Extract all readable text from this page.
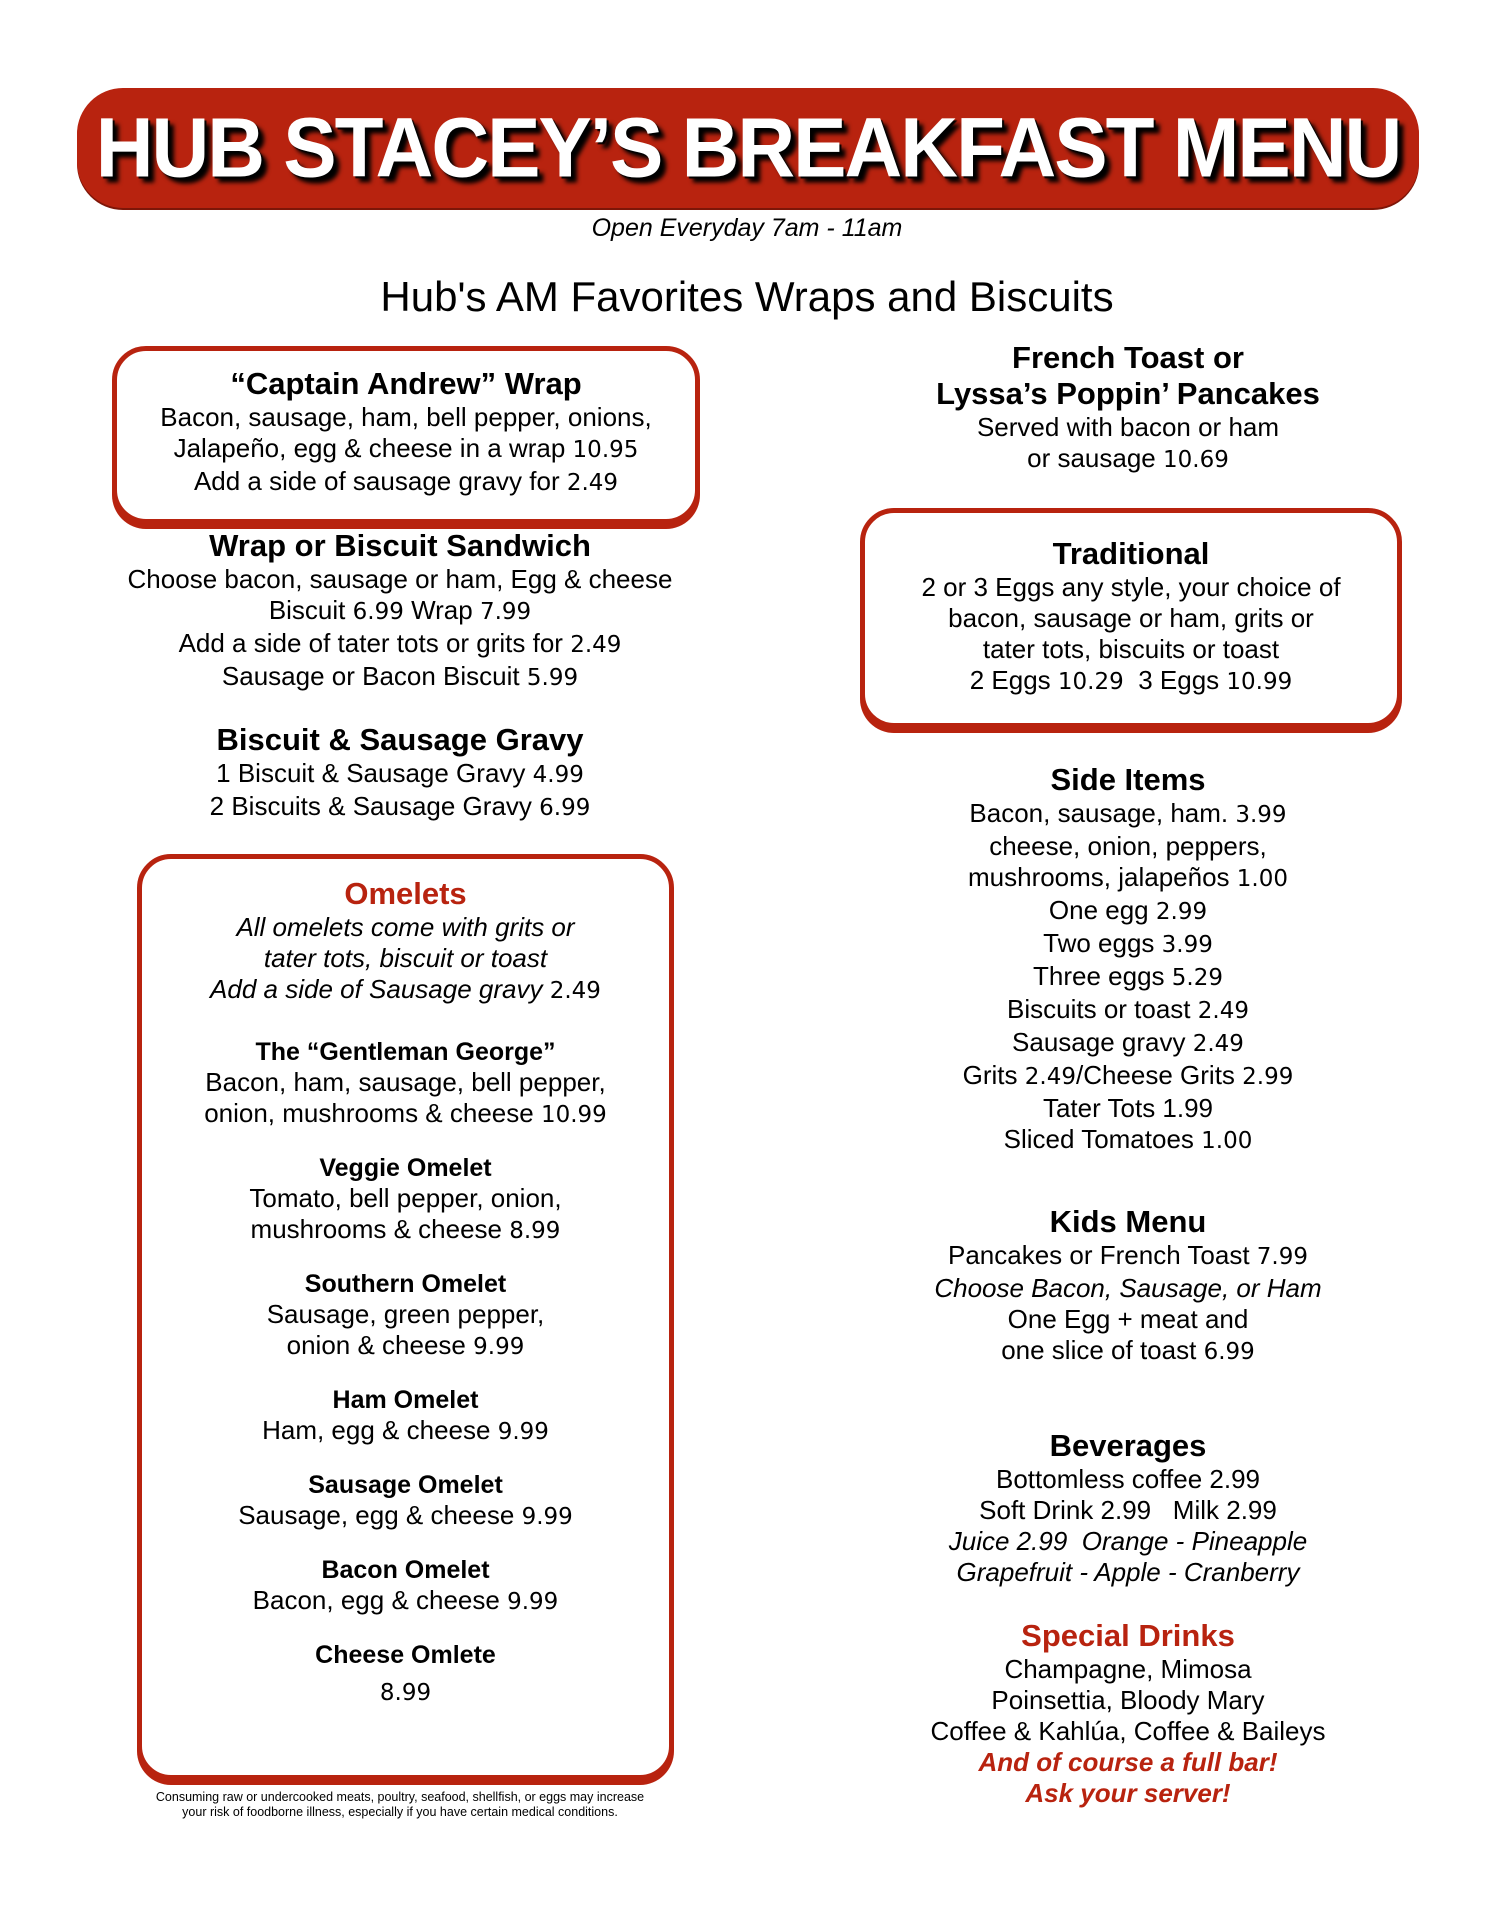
HUB STACEY’S BREAKFAST MENU
Open Everyday 7am - 11am
Hub's AM Favorites Wraps and Biscuits
“Captain Andrew” Wrap
Bacon, sausage, ham, bell pepper, onions,
Jalapeño, egg & cheese in a wrap 10.95
Add a side of sausage gravy for 2.49
Wrap or Biscuit Sandwich
Choose bacon, sausage or ham, Egg & cheese
Biscuit 6.99 Wrap 7.99
Add a side of tater tots or grits for 2.49
Sausage or Bacon Biscuit 5.99
Biscuit & Sausage Gravy
1 Biscuit & Sausage Gravy 4.99
2 Biscuits & Sausage Gravy 6.99
Omelets
All omelets come with grits or
tater tots, biscuit or toast
Add a side of Sausage gravy 2.49
The “Gentleman George”
Bacon, ham, sausage, bell pepper,
onion, mushrooms & cheese 10.99
Veggie Omelet
Tomato, bell pepper, onion,
mushrooms & cheese 8.99
Southern Omelet
Sausage, green pepper,
onion & cheese 9.99
Ham Omelet
Ham, egg & cheese 9.99
Sausage Omelet
Sausage, egg & cheese 9.99
Bacon Omelet
Bacon, egg & cheese 9.99
Cheese Omlete
8.99
Consuming raw or undercooked meats, poultry, seafood, shellfish, or eggs may increase
your risk of foodborne illness, especially if you have certain medical conditions.
French Toast or
Lyssa’s Poppin’ Pancakes
Served with bacon or ham
or sausage 10.69
Traditional
2 or 3 Eggs any style, your choice of
bacon, sausage or ham, grits or
tater tots, biscuits or toast
2 Eggs 10.29 3 Eggs 10.99
Side Items
Bacon, sausage, ham. 3.99
cheese, onion, peppers,
mushrooms, jalapeños 1.00
One egg 2.99
Two eggs 3.99
Three eggs 5.29
Biscuits or toast 2.49
Sausage gravy 2.49
Grits 2.49/Cheese Grits 2.99
Tater Tots 1.99
Sliced Tomatoes 1.00
Kids Menu
Pancakes or French Toast 7.99
Choose Bacon, Sausage, or Ham
One Egg + meat and
one slice of toast 6.99
Beverages
Bottomless coffee 2.99
Soft Drink 2.99   Milk 2.99
Juice 2.99  Orange - Pineapple
Grapefruit - Apple - Cranberry
Special Drinks
Champagne, Mimosa
Poinsettia, Bloody Mary
Coffee & Kahlúa, Coffee & Baileys
And of course a full bar!
Ask your server!
